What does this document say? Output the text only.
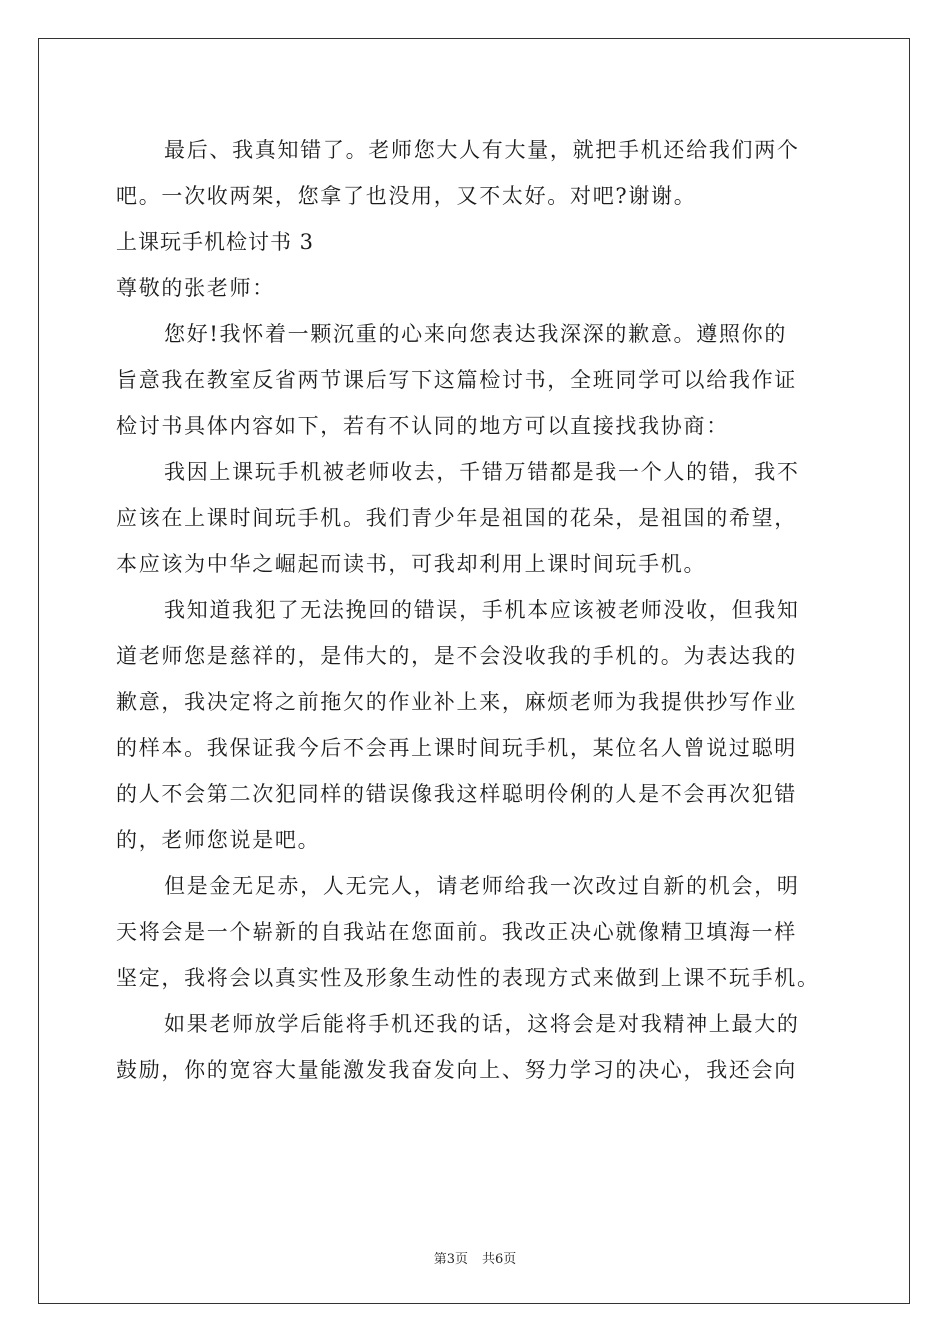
最后、我真知错了。老师您大人有大量，就把手机还给我们两个
吧。一次收两架，您拿了也没用，又不太好。对吧?谢谢。
上课玩手机检讨书 3
尊敬的张老师：
您好!我怀着一颗沉重的心来向您表达我深深的歉意。遵照你的
旨意我在教室反省两节课后写下这篇检讨书，全班同学可以给我作证
检讨书具体内容如下，若有不认同的地方可以直接找我协商：
我因上课玩手机被老师收去，千错万错都是我一个人的错，我不
应该在上课时间玩手机。我们青少年是祖国的花朵，是祖国的希望，
本应该为中华之崛起而读书，可我却利用上课时间玩手机。
我知道我犯了无法挽回的错误，手机本应该被老师没收，但我知
道老师您是慈祥的，是伟大的，是不会没收我的手机的。为表达我的
歉意，我决定将之前拖欠的作业补上来，麻烦老师为我提供抄写作业
的样本。我保证我今后不会再上课时间玩手机，某位名人曾说过聪明
的人不会第二次犯同样的错误像我这样聪明伶俐的人是不会再次犯错
的，老师您说是吧。
但是金无足赤，人无完人，请老师给我一次改过自新的机会，明
天将会是一个崭新的自我站在您面前。我改正决心就像精卫填海一样
坚定，我将会以真实性及形象生动性的表现方式来做到上课不玩手机。
如果老师放学后能将手机还我的话，这将会是对我精神上最大的
鼓励，你的宽容大量能激发我奋发向上、努力学习的决心，我还会向
第3页 共6页
